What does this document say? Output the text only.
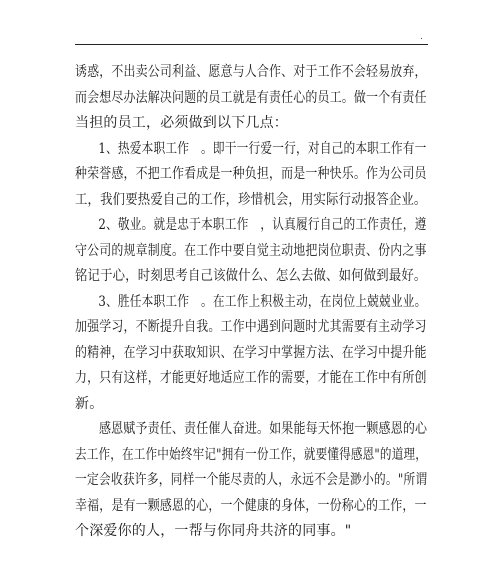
.

诱惑，不出卖公司利益、愿意与人合作、对于工作不会轻易放弃，
而会想尽办法解决问题的员工就是有责任心的员工。做一个有责任
当担的员工，必须做到以下几点：

1、热爱本职工作　。即干一行爱一行，对自己的本职工作有一
种荣誉感，不把工作看成是一种负担，而是一种快乐。作为公司员
工，我们要热爱自己的工作，珍惜机会，用实际行动报答企业。

2、敬业。就是忠于本职工作　，认真履行自己的工作责任，遵
守公司的规章制度。在工作中要自觉主动地把岗位职责、份内之事
铭记于心，时刻思考自己该做什么、怎么去做、如何做到最好。

3、胜任本职工作　。在工作上积极主动，在岗位上兢兢业业。
加强学习，不断提升自我。工作中遇到问题时尤其需要有主动学习
的精神，在学习中获取知识、在学习中掌握方法、在学习中提升能
力，只有这样，才能更好地适应工作的需要，才能在工作中有所创
新。

感恩赋予责任、责任催人奋进。如果能每天怀抱一颗感恩的心
去工作，在工作中始终牢记"拥有一份工作，就要懂得感恩"的道理，
一定会收获许多，同样一个能尽责的人，永远不会是渺小的。"所谓
幸福，是有一颗感恩的心，一个健康的身体，一份称心的工作，一
个深爱你的人，一帮与你同舟共济的同事。"
